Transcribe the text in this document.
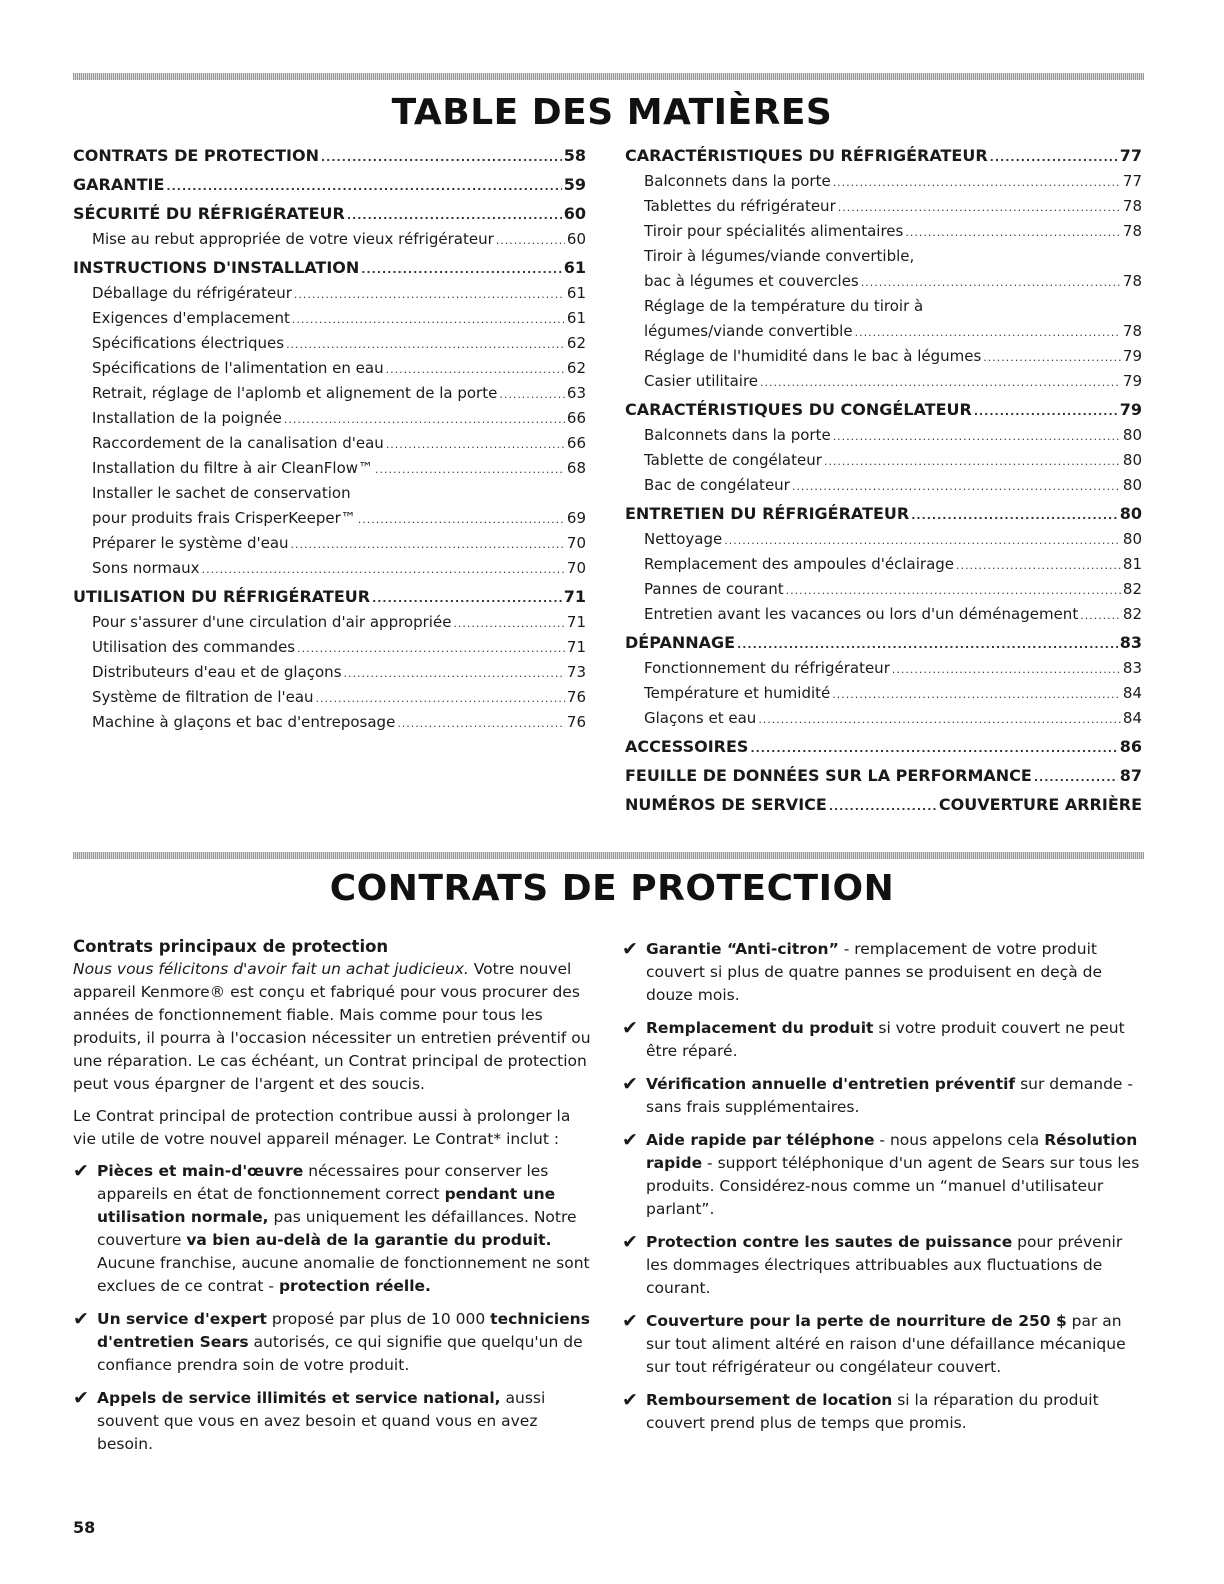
TABLE DES MATIÈRES
CONTRATS DE PROTECTION .....	58
GARANTIE .....	59
SÉCURITÉ DU RÉFRIGÉRATEUR .....	60
Mise au rebut appropriée de votre vieux réfrigérateur .....	60
INSTRUCTIONS D'INSTALLATION .....	61
Déballage du réfrigérateur .....	61
Exigences d'emplacement .....	61
Spécifications électriques .....	62
Spécifications de l'alimentation en eau .....	62
Retrait, réglage de l'aplomb et alignement de la porte .....	63
Installation de la poignée .....	66
Raccordement de la canalisation d'eau .....	66
Installation du filtre à air CleanFlow™ .....	68
Installer le sachet de conservation
pour produits frais CrisperKeeper™ .....	69
Préparer le système d'eau .....	70
Sons normaux .....	70
UTILISATION DU RÉFRIGÉRATEUR .....	71
Pour s'assurer d'une circulation d'air appropriée .....	71
Utilisation des commandes .....	71
Distributeurs d'eau et de glaçons .....	73
Système de filtration de l'eau .....	76
Machine à glaçons et bac d'entreposage .....	76
CARACTÉRISTIQUES DU RÉFRIGÉRATEUR .....	77
Balconnets dans la porte .....	77
Tablettes du réfrigérateur .....	78
Tiroir pour spécialités alimentaires .....	78
Tiroir à légumes/viande convertible,
bac à légumes et couvercles .....	78
Réglage de la température du tiroir à
légumes/viande convertible .....	78
Réglage de l'humidité dans le bac à légumes .....	79
Casier utilitaire .....	79
CARACTÉRISTIQUES DU CONGÉLATEUR .....	79
Balconnets dans la porte .....	80
Tablette de congélateur .....	80
Bac de congélateur .....	80
ENTRETIEN DU RÉFRIGÉRATEUR .....	80
Nettoyage .....	80
Remplacement des ampoules d'éclairage .....	81
Pannes de courant .....	82
Entretien avant les vacances ou lors d'un déménagement .....	82
DÉPANNAGE .....	83
Fonctionnement du réfrigérateur .....	83
Température et humidité .....	84
Glaçons et eau .....	84
ACCESSOIRES .....	86
FEUILLE DE DONNÉES SUR LA PERFORMANCE .....	87
NUMÉROS DE SERVICE .....	COUVERTURE ARRIÈRE
CONTRATS DE PROTECTION
Contrats principaux de protection

Nous vous félicitons d'avoir fait un achat judicieux. Votre nouvel appareil Kenmore® est conçu et fabriqué pour vous procurer des années de fonctionnement fiable. Mais comme pour tous les produits, il pourra à l'occasion nécessiter un entretien préventif ou une réparation. Le cas échéant, un Contrat principal de protection peut vous épargner de l'argent et des soucis.

Le Contrat principal de protection contribue aussi à prolonger la vie utile de votre nouvel appareil ménager. Le Contrat* inclut :

✔ Pièces et main-d'œuvre nécessaires pour conserver les appareils en état de fonctionnement correct pendant une utilisation normale, pas uniquement les défaillances. Notre couverture va bien au-delà de la garantie du produit. Aucune franchise, aucune anomalie de fonctionnement ne sont exclues de ce contrat - protection réelle.
✔ Un service d'expert proposé par plus de 10 000 techniciens d'entretien Sears autorisés, ce qui signifie que quelqu'un de confiance prendra soin de votre produit.
✔ Appels de service illimités et service national, aussi souvent que vous en avez besoin et quand vous en avez besoin.
✔ Garantie “Anti-citron” - remplacement de votre produit couvert si plus de quatre pannes se produisent en deçà de douze mois.
✔ Remplacement du produit si votre produit couvert ne peut être réparé.
✔ Vérification annuelle d'entretien préventif sur demande - sans frais supplémentaires.
✔ Aide rapide par téléphone - nous appelons cela Résolution rapide - support téléphonique d'un agent de Sears sur tous les produits. Considérez-nous comme un “manuel d'utilisateur parlant”.
✔ Protection contre les sautes de puissance pour prévenir les dommages électriques attribuables aux fluctuations de courant.
✔ Couverture pour la perte de nourriture de 250 $ par an sur tout aliment altéré en raison d'une défaillance mécanique sur tout réfrigérateur ou congélateur couvert.
✔ Remboursement de location si la réparation du produit couvert prend plus de temps que promis.
58
